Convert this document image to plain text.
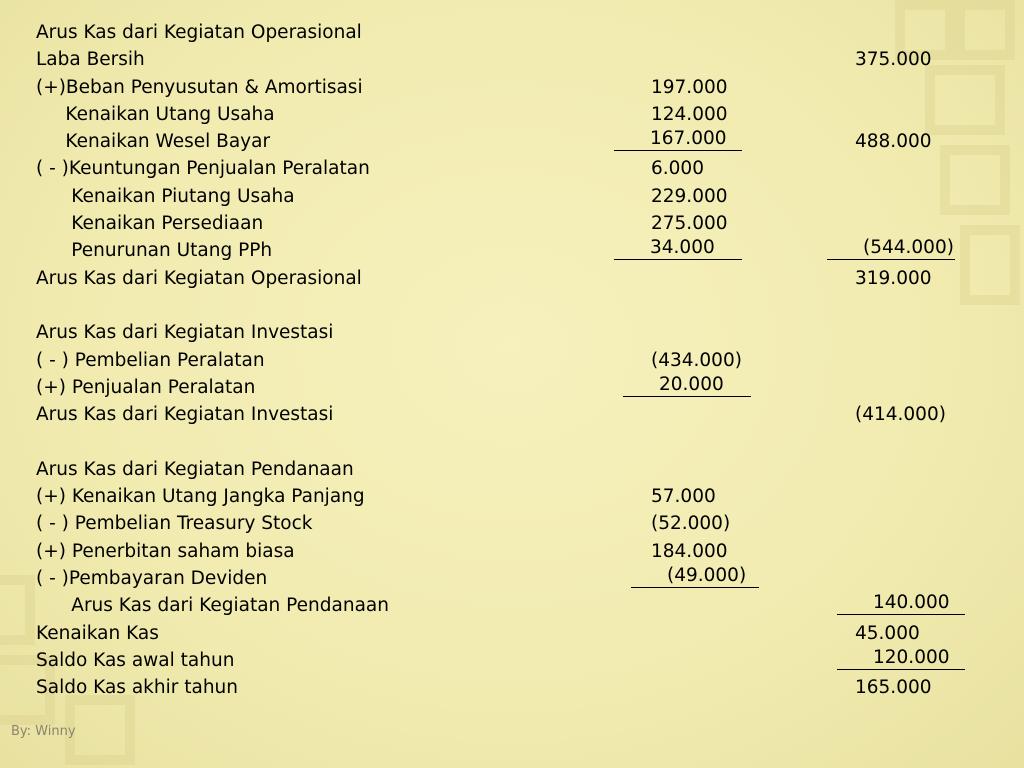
Arus Kas dari Kegiatan Operasional
Laba Bersih	375.000
(+)Beban Penyusutan & Amortisasi	197.000
Kenaikan Utang Usaha	124.000
Kenaikan Wesel Bayar	167.000	488.000
( - )Keuntungan Penjualan Peralatan	6.000
Kenaikan Piutang Usaha	229.000
Kenaikan Persediaan	275.000
Penurunan Utang PPh	34.000	(544.000)
Arus Kas dari Kegiatan Operasional	319.000
Arus Kas dari Kegiatan Investasi
( - ) Pembelian Peralatan	(434.000)
(+) Penjualan Peralatan	20.000
Arus Kas dari Kegiatan Investasi	(414.000)
Arus Kas dari Kegiatan Pendanaan
(+) Kenaikan Utang Jangka Panjang	57.000
( - ) Pembelian Treasury Stock	(52.000)
(+) Penerbitan saham biasa	184.000
( - )Pembayaran Deviden	(49.000)
Arus Kas dari Kegiatan Pendanaan	140.000
Kenaikan Kas	45.000
Saldo Kas awal tahun	120.000
Saldo Kas akhir tahun	165.000
By: Winny
